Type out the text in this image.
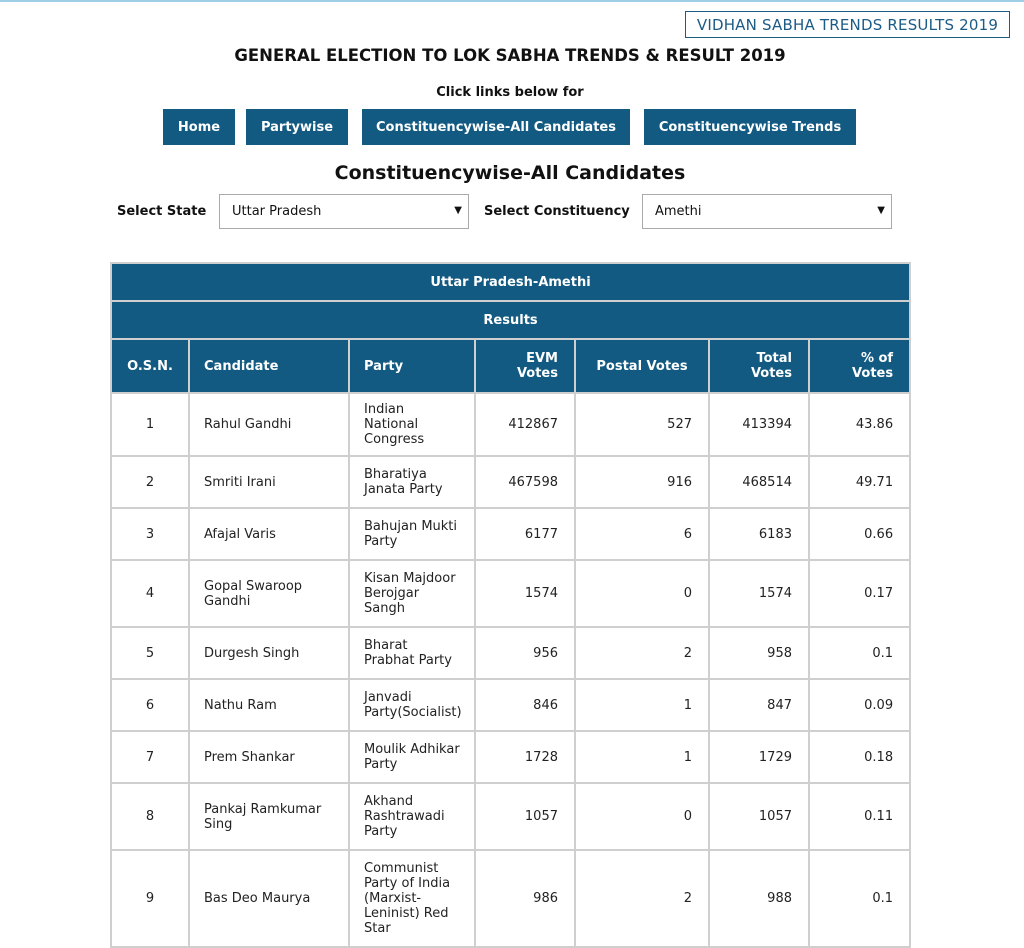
VIDHAN SABHA TRENDS RESULTS 2019
GENERAL ELECTION TO LOK SABHA TRENDS & RESULT 2019
Click links below for
Home	Partywise	Constituencywise-All Candidates	Constituencywise Trends
Constituencywise-All Candidates
Select State Uttar Pradesh	▼ Select Constituency Amethi	▼
Uttar Pradesh-Amethi						
Results						
O.S.N.	Candidate	Party	EVM Votes	Postal Votes	Total Votes	% of Votes
1	Rahul Gandhi	Indian National Congress	412867	527	413394	43.86
2	Smriti Irani	Bharatiya Janata Party	467598	916	468514	49.71
3	Afajal Varis	Bahujan Mukti Party	6177	6	6183	0.66
4	Gopal Swaroop Gandhi	Kisan Majdoor Berojgar Sangh	1574	0	1574	0.17
5	Durgesh Singh	Bharat Prabhat Party	956	2	958	0.1
6	Nathu Ram	Janvadi Party(Socialist)	846	1	847	0.09
7	Prem Shankar	Moulik Adhikar Party	1728	1	1729	0.18
8	Pankaj Ramkumar Sing	Akhand Rashtrawadi Party	1057	0	1057	0.11
9	Bas Deo Maurya	Communist Party of India (Marxist-Leninist) Red Star	986	2	988	0.1
